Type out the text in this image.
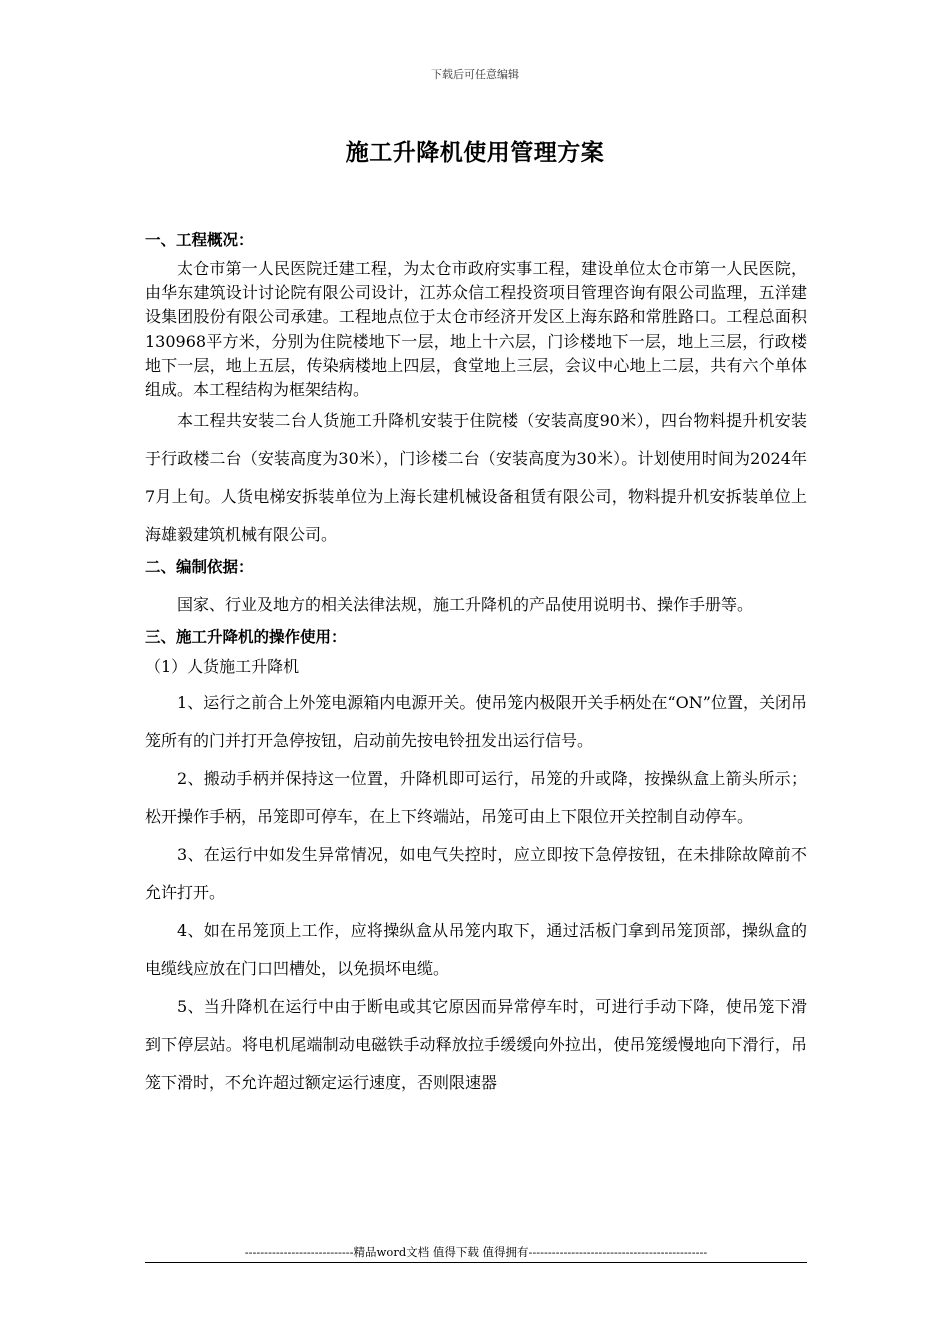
下载后可任意编辑
施工升降机使用管理方案
一、工程概况：

太仓市第一人民医院迁建工程，为太仓市政府实事工程，建设单位太仓市第一人民医院，由华东建筑设计讨论院有限公司设计，江苏众信工程投资项目管理咨询有限公司监理，五洋建设集团股份有限公司承建。工程地点位于太仓市经济开发区上海东路和常胜路口。工程总面积130968平方米，分别为住院楼地下一层，地上十六层，门诊楼地下一层，地上三层，行政楼地下一层，地上五层，传染病楼地上四层，食堂地上三层，会议中心地上二层，共有六个单体组成。本工程结构为框架结构。

本工程共安装二台人货施工升降机安装于住院楼（安装高度90米），四台物料提升机安装于行政楼二台（安装高度为30米），门诊楼二台（安装高度为30米）。计划使用时间为2024年7月上旬。人货电梯安拆装单位为上海长建机械设备租赁有限公司，物料提升机安拆装单位上海雄毅建筑机械有限公司。

二、编制依据：

国家、行业及地方的相关法律法规，施工升降机的产品使用说明书、操作手册等。

三、施工升降机的操作使用：

（1）人货施工升降机

1、运行之前合上外笼电源箱内电源开关。使吊笼内极限开关手柄处在“ON”位置，关闭吊笼所有的门并打开急停按钮，启动前先按电铃扭发出运行信号。

2、搬动手柄并保持这一位置，升降机即可运行，吊笼的升或降，按操纵盒上箭头所示；松开操作手柄，吊笼即可停车，在上下终端站，吊笼可由上下限位开关控制自动停车。

3、在运行中如发生异常情况，如电气失控时，应立即按下急停按钮，在未排除故障前不允许打开。

4、如在吊笼顶上工作，应将操纵盒从吊笼内取下，通过活板门拿到吊笼顶部，操纵盒的电缆线应放在门口凹槽处，以免损坏电缆。

5、当升降机在运行中由于断电或其它原因而异常停车时，可进行手动下降，使吊笼下滑到下停层站。将电机尾端制动电磁铁手动释放拉手缓缓向外拉出，使吊笼缓慢地向下滑行，吊笼下滑时，不允许超过额定运行速度，否则限速器

----------------------------精品word文档 值得下载 值得拥有----------------------------------------------
